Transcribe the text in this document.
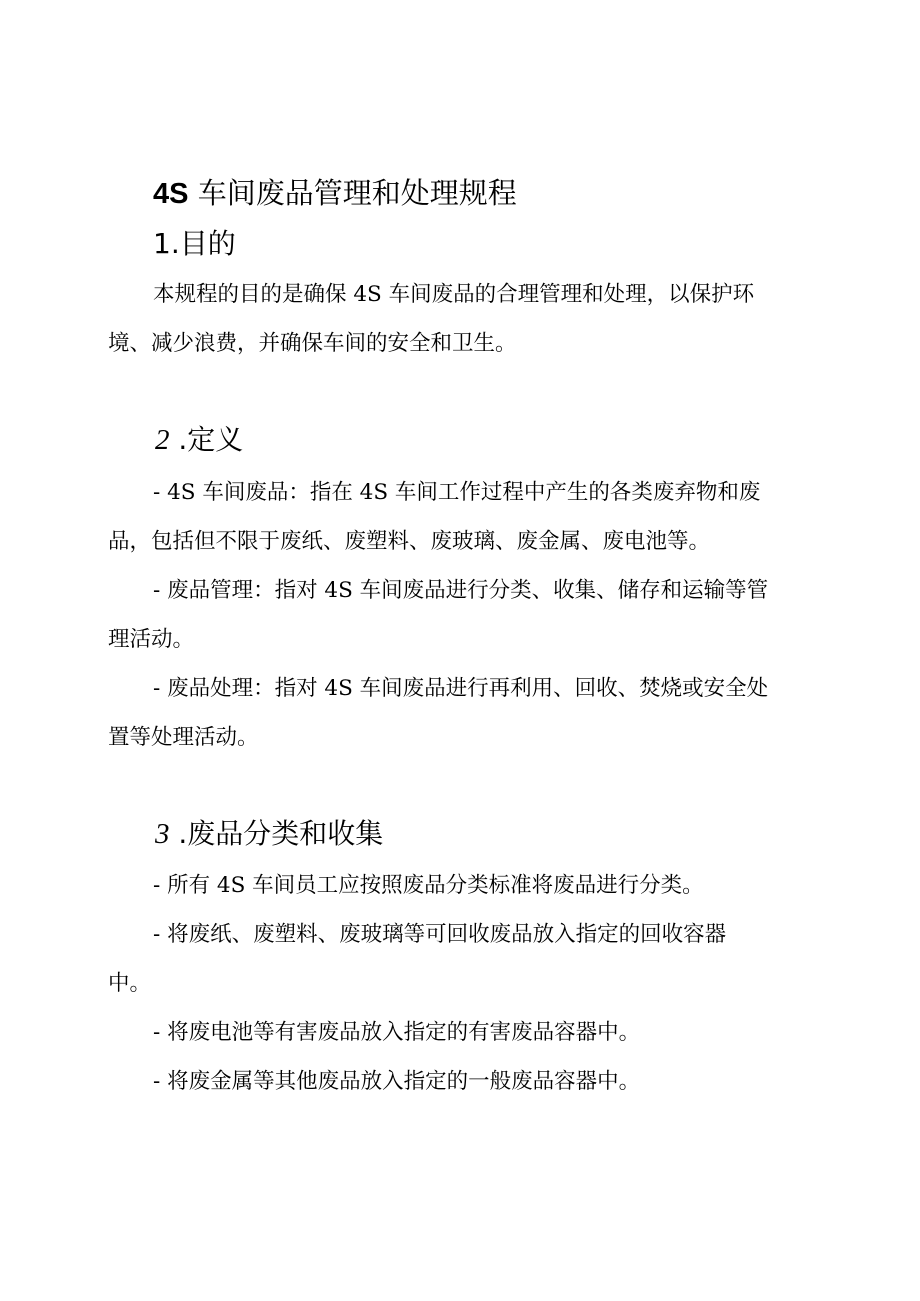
4S 车间废品管理和处理规程
1.目的
本规程的目的是确保 4S 车间废品的合理管理和处理，以保护环
境、减少浪费，并确保车间的安全和卫生。
2 .定义
- 4S 车间废品：指在 4S 车间工作过程中产生的各类废弃物和废
品，包括但不限于废纸、废塑料、废玻璃、废金属、废电池等。
- 废品管理：指对 4S 车间废品进行分类、收集、储存和运输等管
理活动。
- 废品处理：指对 4S 车间废品进行再利用、回收、焚烧或安全处
置等处理活动。
3 .废品分类和收集
- 所有 4S 车间员工应按照废品分类标准将废品进行分类。
- 将废纸、废塑料、废玻璃等可回收废品放入指定的回收容器
中。
- 将废电池等有害废品放入指定的有害废品容器中。
- 将废金属等其他废品放入指定的一般废品容器中。
